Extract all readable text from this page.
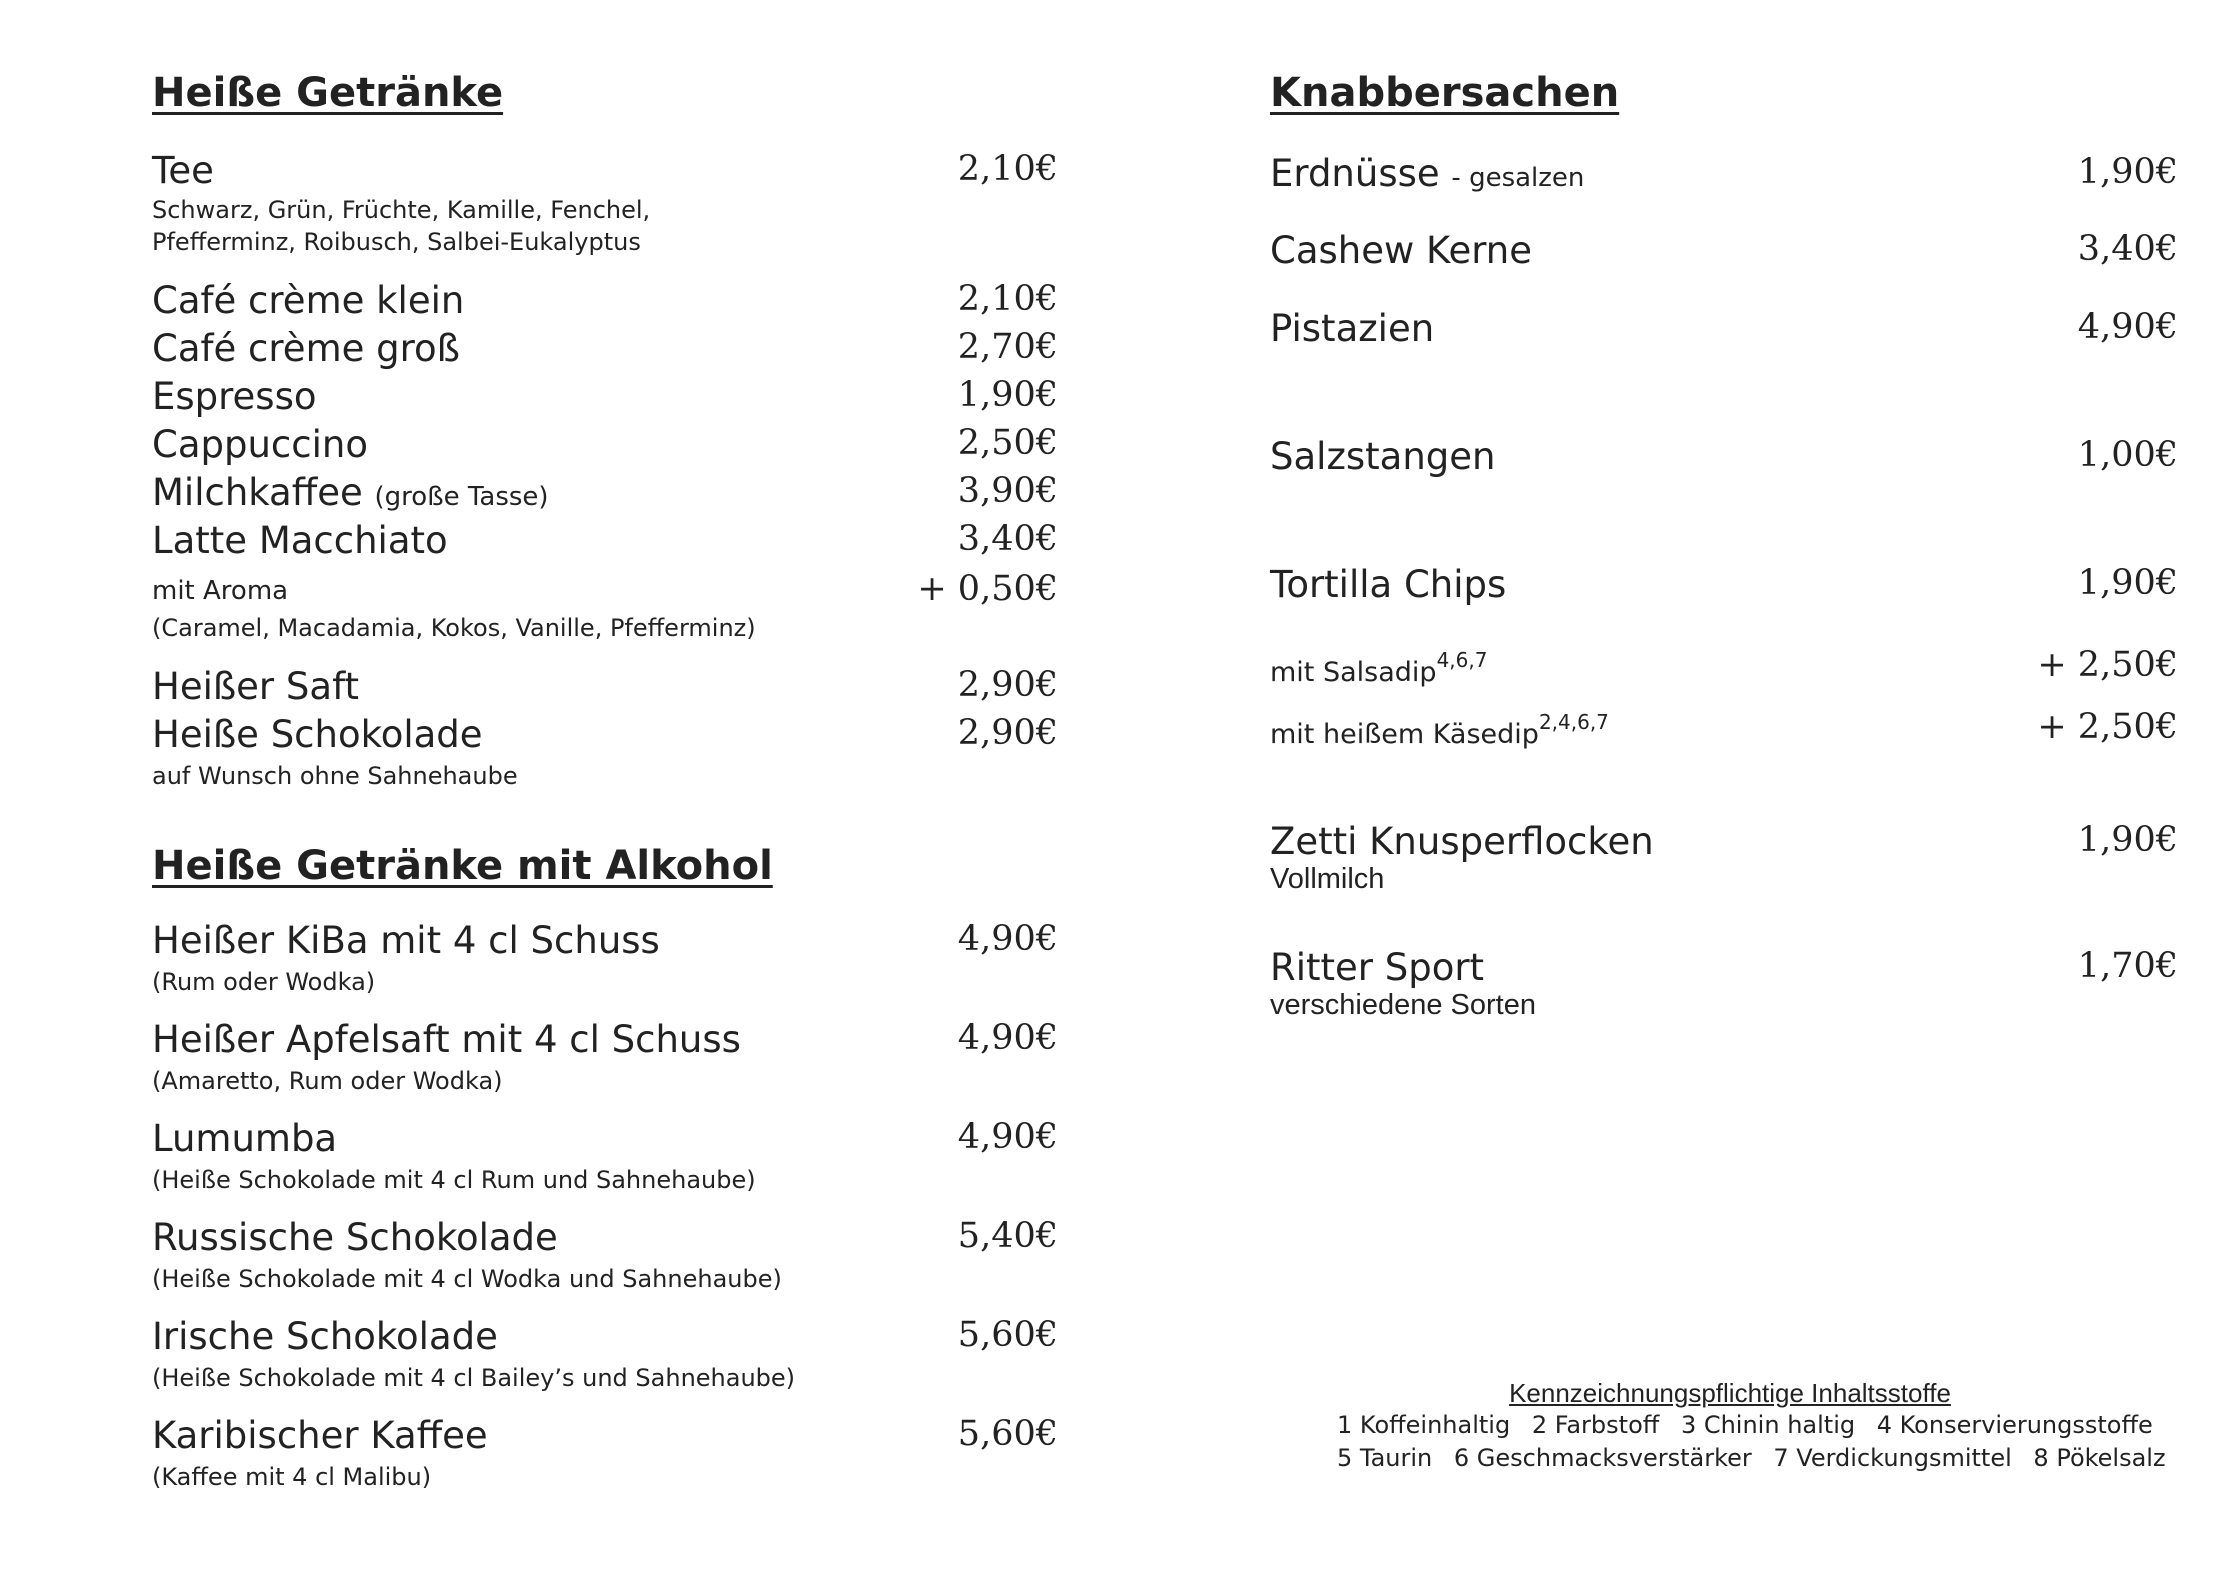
Heiße Getränke
Tee	2,10€
Schwarz, Grün, Früchte, Kamille, Fenchel,
Pfefferminz, Roibusch, Salbei-Eukalyptus
Café crème klein	2,10€
Café crème groß	2,70€
Espresso	1,90€
Cappuccino	2,50€
Milchkaffee (große Tasse)	3,90€
Latte Macchiato	3,40€
mit Aroma	+ 0,50€
(Caramel, Macadamia, Kokos, Vanille, Pfefferminz)
Heißer Saft	2,90€
Heiße Schokolade	2,90€
auf Wunsch ohne Sahnehaube
Heiße Getränke mit Alkohol
Heißer KiBa mit 4 cl Schuss	4,90€
(Rum oder Wodka)
Heißer Apfelsaft mit 4 cl Schuss	4,90€
(Amaretto, Rum oder Wodka)
Lumumba	4,90€
(Heiße Schokolade mit 4 cl Rum und Sahnehaube)
Russische Schokolade	5,40€
(Heiße Schokolade mit 4 cl Wodka und Sahnehaube)
Irische Schokolade	5,60€
(Heiße Schokolade mit 4 cl Bailey’s und Sahnehaube)
Karibischer Kaffee	5,60€
(Kaffee mit 4 cl Malibu)
Knabbersachen
Erdnüsse - gesalzen	1,90€
Cashew Kerne	3,40€
Pistazien	4,90€
Salzstangen	1,00€
Tortilla Chips	1,90€
mit Salsadip$^{4,6,7}$	+ 2,50€
mit heißem Käsedip$^{2,4,6,7}$	+ 2,50€
Zetti Knusperflocken	1,90€
Vollmilch
Ritter Sport	1,70€
verschiedene Sorten
Kennzeichnungspflichtige Inhaltsstoffe
1 Koffeinhaltig 2 Farbstoff 3 Chinin haltig 4 Konservierungsstoffe
5 Taurin 6 Geschmacksverstärker 7 Verdickungsmittel 8 Pökelsalz
